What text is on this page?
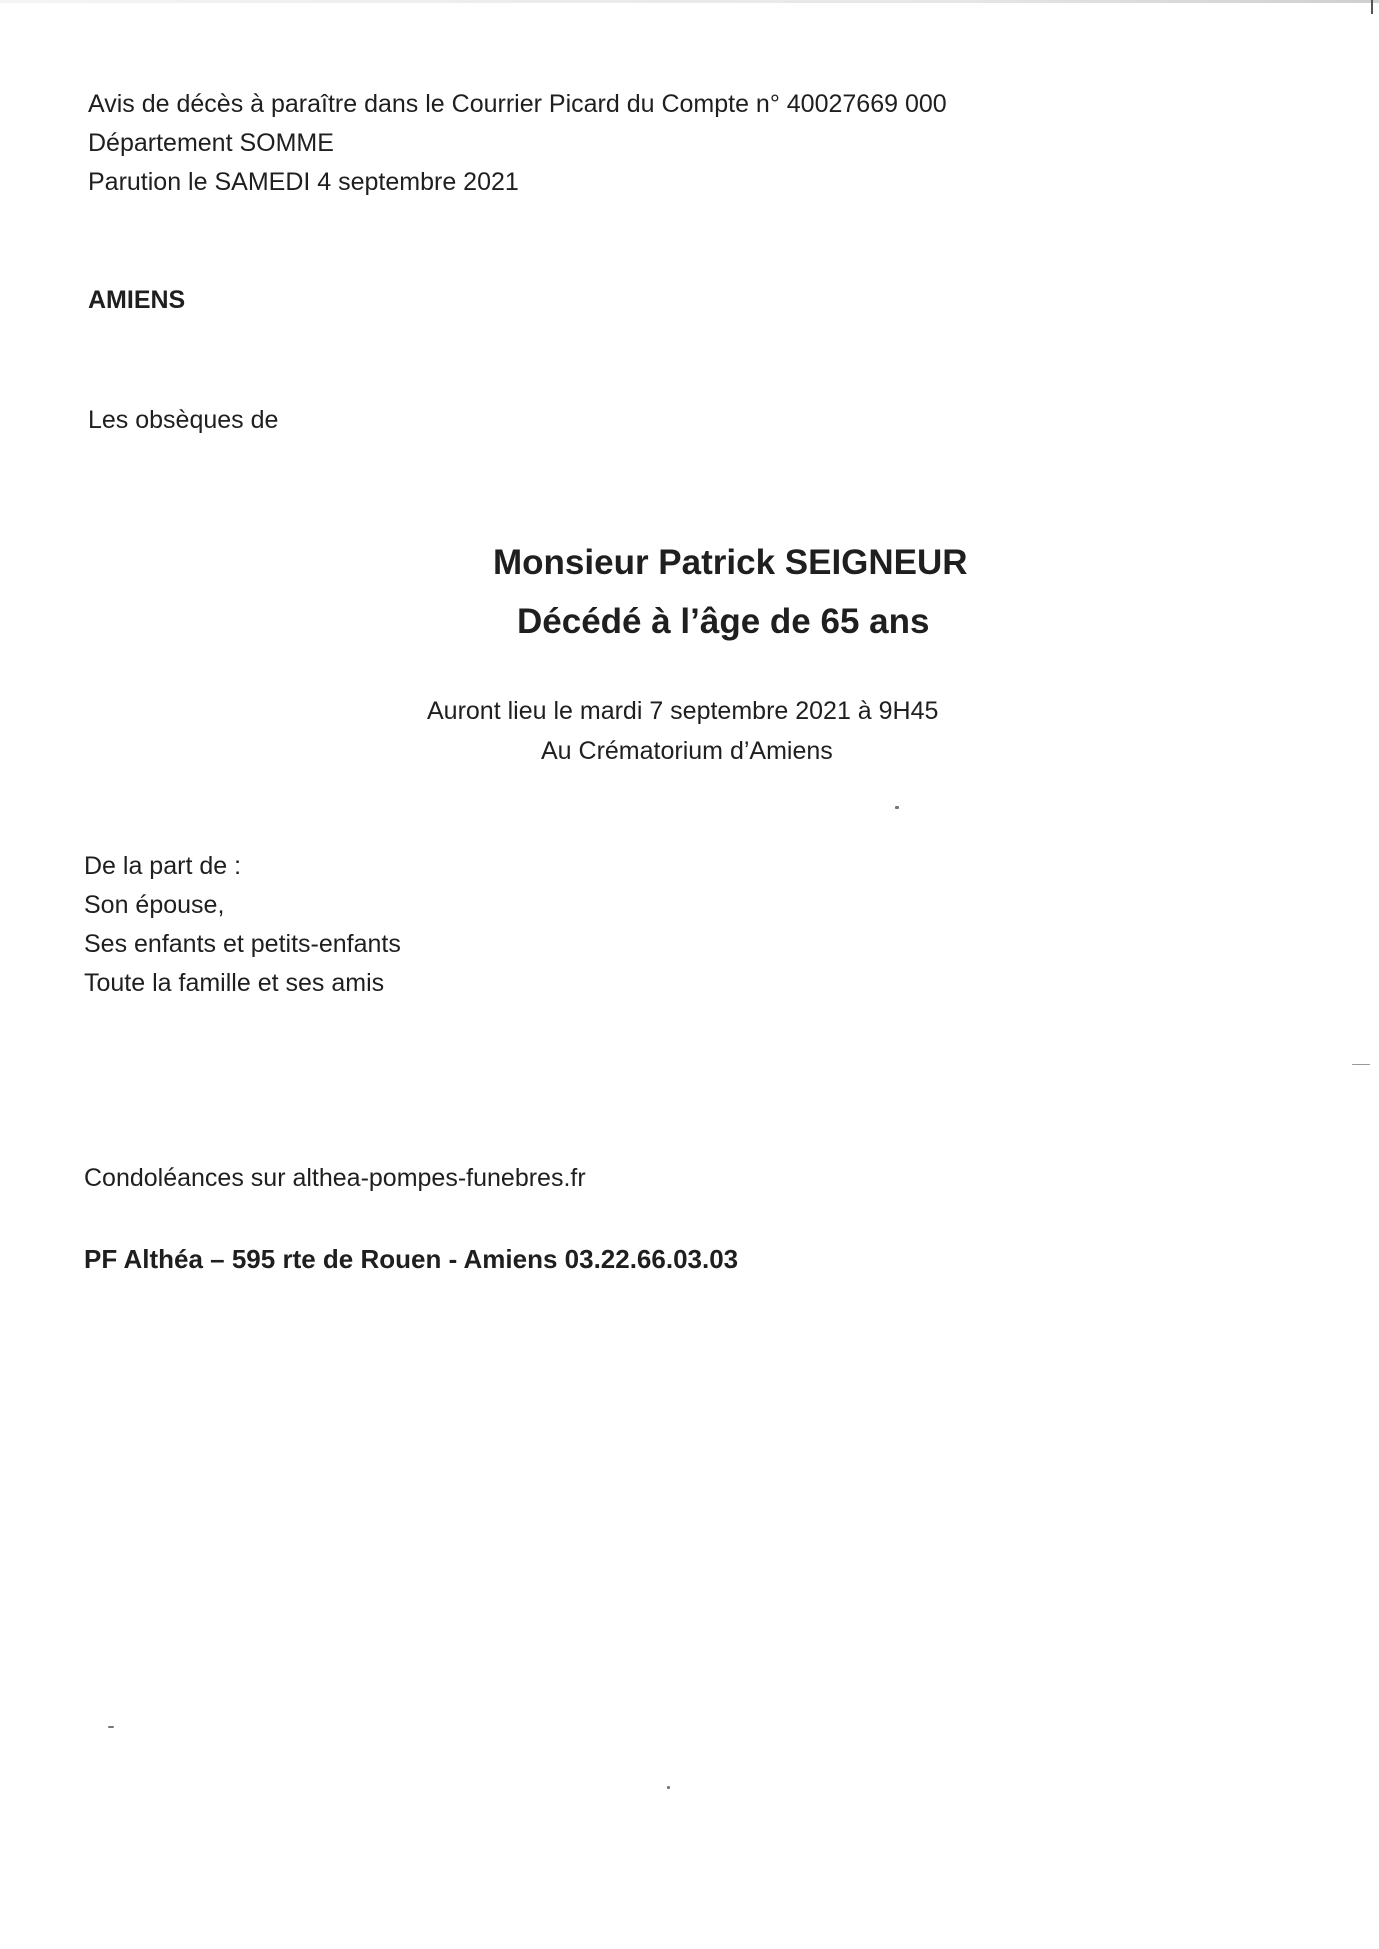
Avis de décès à paraître dans le Courrier Picard du Compte n° 40027669 000
Département SOMME
Parution le SAMEDI 4 septembre 2021
AMIENS
Les obsèques de
Monsieur Patrick SEIGNEUR
Décédé à l’âge de 65 ans
Auront lieu le mardi 7 septembre 2021 à 9H45
Au Crématorium d’Amiens
De la part de :
Son épouse,
Ses enfants et petits-enfants
Toute la famille et ses amis
Condoléances sur althea-pompes-funebres.fr
PF Althéa – 595 rte de Rouen - Amiens 03.22.66.03.03
